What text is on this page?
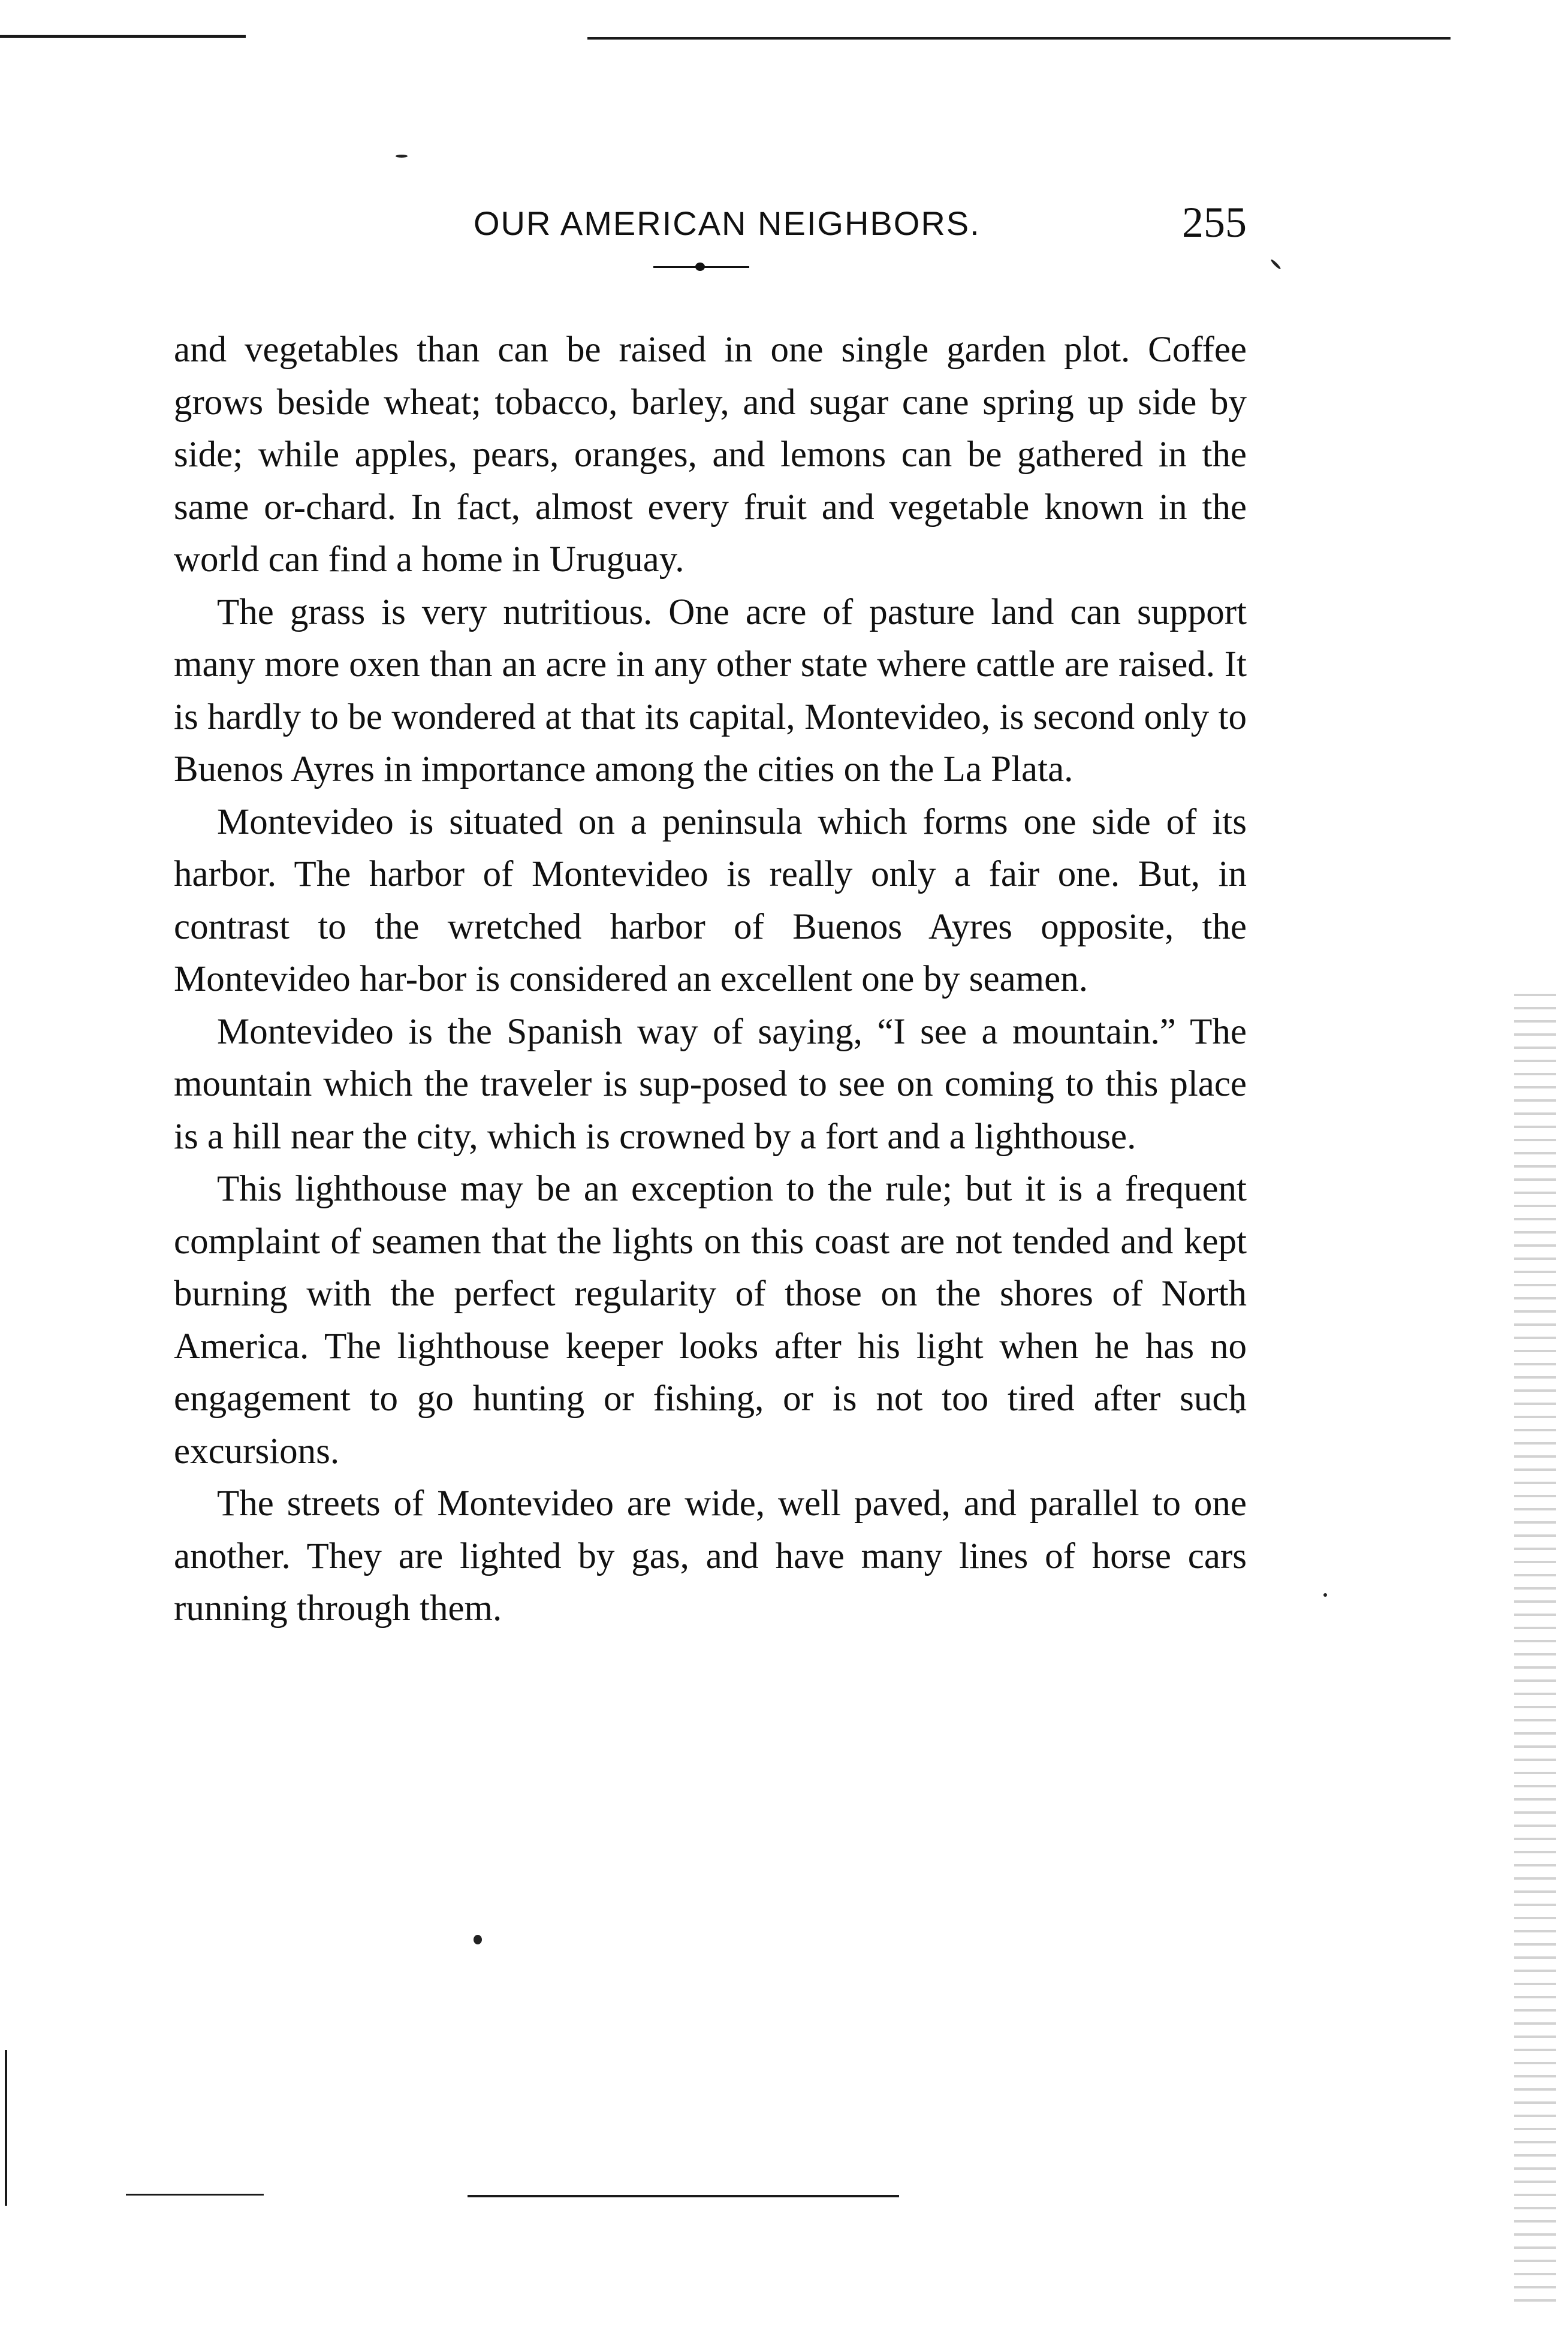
OUR AMERICAN NEIGHBORS.	255

and vegetables than can be raised in one single garden plot. Coffee grows beside wheat; tobacco, barley, and sugar cane spring up side by side; while apples, pears, oranges, and lemons can be gathered in the same or-chard. In fact, almost every fruit and vegetable known in the world can find a home in Uruguay.

The grass is very nutritious. One acre of pasture land can support many more oxen than an acre in any other state where cattle are raised. It is hardly to be wondered at that its capital, Montevideo, is second only to Buenos Ayres in importance among the cities on the La Plata.

Montevideo is situated on a peninsula which forms one side of its harbor. The harbor of Montevideo is really only a fair one. But, in contrast to the wretched harbor of Buenos Ayres opposite, the Montevideo har-bor is considered an excellent one by seamen.

Montevideo is the Spanish way of saying, “I see a mountain.” The mountain which the traveler is sup-posed to see on coming to this place is a hill near the city, which is crowned by a fort and a lighthouse.

This lighthouse may be an exception to the rule; but it is a frequent complaint of seamen that the lights on this coast are not tended and kept burning with the perfect regularity of those on the shores of North America. The lighthouse keeper looks after his light when he has no engagement to go hunting or fishing, or is not too tired after such excursions.

The streets of Montevideo are wide, well paved, and parallel to one another. They are lighted by gas, and have many lines of horse cars running through them.
